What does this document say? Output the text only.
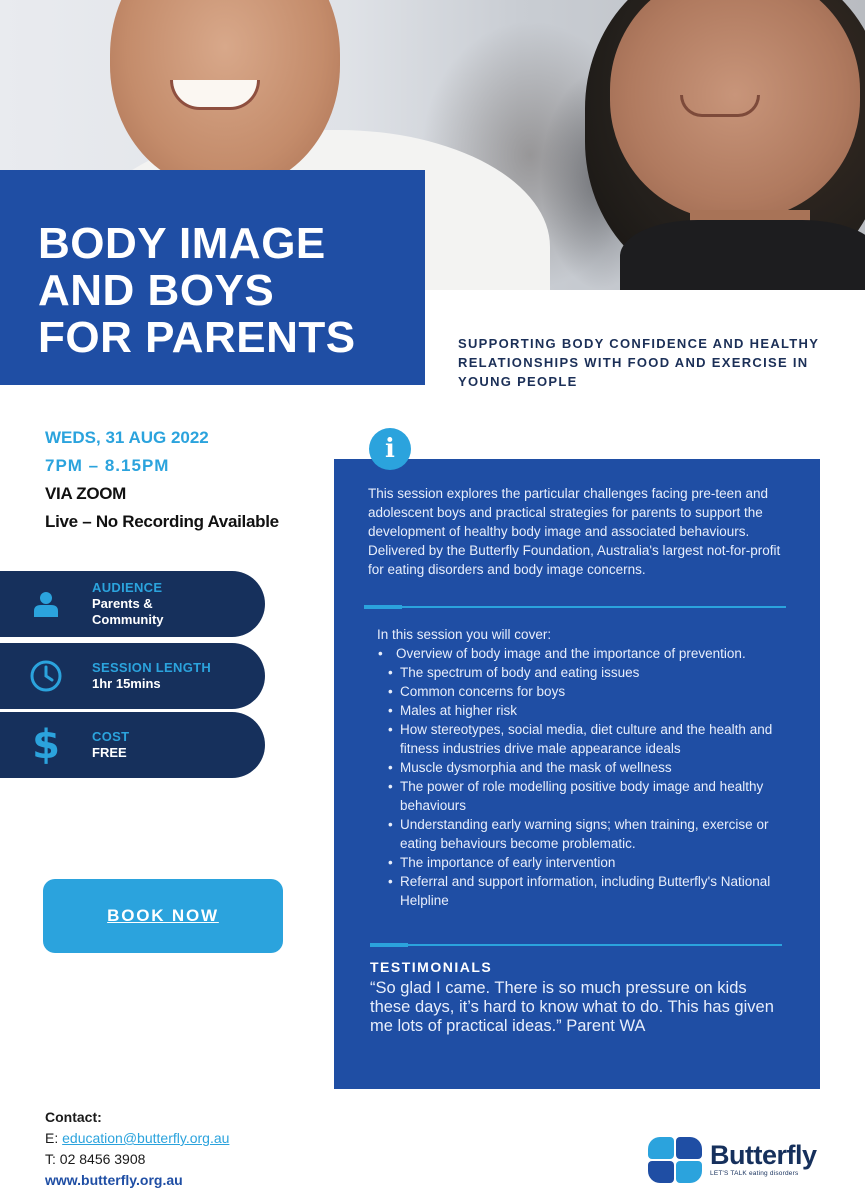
BODY IMAGE
AND BOYS
FOR PARENTS	SUPPORTING BODY CONFIDENCE AND HEALTHY RELATIONSHIPS WITH FOOD AND EXERCISE IN YOUNG PEOPLE
WEDS, 31 AUG 2022
7PM – 8.15PM
VIA ZOOM
Live – No Recording Available
AUDIENCE
Parents & Community
SESSION LENGTH
1hr 15mins
$ COST
FREE
BOOK NOW
i
This session explores the particular challenges facing pre-teen and adolescent boys and practical strategies for parents to support the development of healthy body image and associated behaviours. Delivered by the Butterfly Foundation, Australia's largest not-for-profit for eating disorders and body image concerns.
In this session you will cover:
• Overview of body image and the importance of prevention.
• The spectrum of body and eating issues
• Common concerns for boys
• Males at higher risk
• How stereotypes, social media, diet culture and the health and fitness industries drive male appearance ideals
• Muscle dysmorphia and the mask of wellness
• The power of role modelling positive body image and healthy behaviours
• Understanding early warning signs; when training, exercise or eating behaviours become problematic.
• The importance of early intervention
• Referral and support information, including Butterfly's National Helpline
TESTIMONIALS
“So glad I came. There is so much pressure on kids these days, it’s hard to know what to do. This has given me lots of practical ideas.” Parent WA
Contact:
E: education@butterfly.org.au
T: 02 8456 3908
www.butterfly.org.au
Butterfly
LET'S TALK eating disorders
